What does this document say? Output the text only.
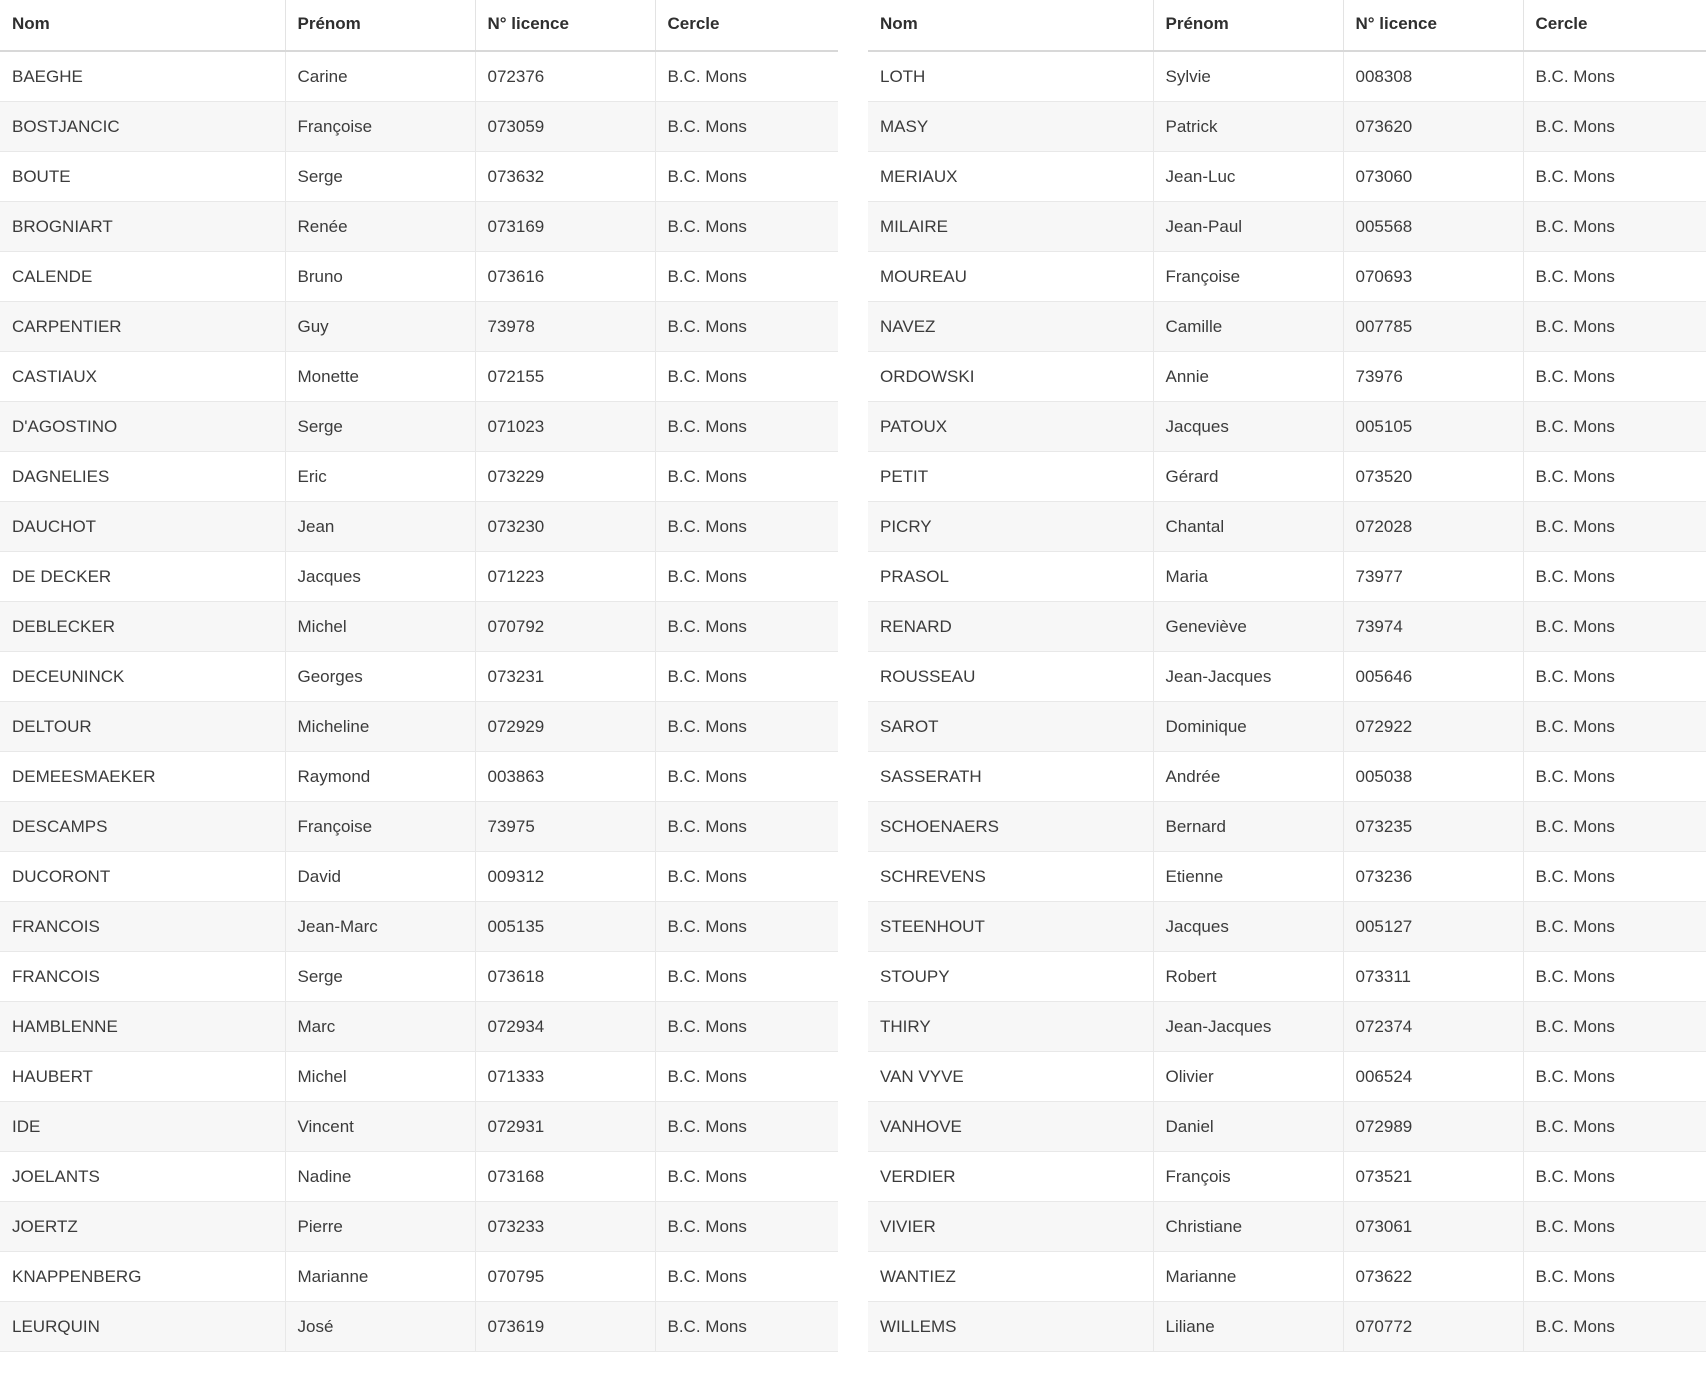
Nom	Prénom	N° licence	Cercle
BAEGHE	Carine	072376	B.C. Mons
BOSTJANCIC	Françoise	073059	B.C. Mons
BOUTE	Serge	073632	B.C. Mons
BROGNIART	Renée	073169	B.C. Mons
CALENDE	Bruno	073616	B.C. Mons
CARPENTIER	Guy	73978	B.C. Mons
CASTIAUX	Monette	072155	B.C. Mons
D'AGOSTINO	Serge	071023	B.C. Mons
DAGNELIES	Eric	073229	B.C. Mons
DAUCHOT	Jean	073230	B.C. Mons
DE DECKER	Jacques	071223	B.C. Mons
DEBLECKER	Michel	070792	B.C. Mons
DECEUNINCK	Georges	073231	B.C. Mons
DELTOUR	Micheline	072929	B.C. Mons
DEMEESMAEKER	Raymond	003863	B.C. Mons
DESCAMPS	Françoise	73975	B.C. Mons
DUCORONT	David	009312	B.C. Mons
FRANCOIS	Jean-Marc	005135	B.C. Mons
FRANCOIS	Serge	073618	B.C. Mons
HAMBLENNE	Marc	072934	B.C. Mons
HAUBERT	Michel	071333	B.C. Mons
IDE	Vincent	072931	B.C. Mons
JOELANTS	Nadine	073168	B.C. Mons
JOERTZ	Pierre	073233	B.C. Mons
KNAPPENBERG	Marianne	070795	B.C. Mons
LEURQUIN	José	073619	B.C. Mons
Nom	Prénom	N° licence	Cercle
LOTH	Sylvie	008308	B.C. Mons
MASY	Patrick	073620	B.C. Mons
MERIAUX	Jean-Luc	073060	B.C. Mons
MILAIRE	Jean-Paul	005568	B.C. Mons
MOUREAU	Françoise	070693	B.C. Mons
NAVEZ	Camille	007785	B.C. Mons
ORDOWSKI	Annie	73976	B.C. Mons
PATOUX	Jacques	005105	B.C. Mons
PETIT	Gérard	073520	B.C. Mons
PICRY	Chantal	072028	B.C. Mons
PRASOL	Maria	73977	B.C. Mons
RENARD	Geneviève	73974	B.C. Mons
ROUSSEAU	Jean-Jacques	005646	B.C. Mons
SAROT	Dominique	072922	B.C. Mons
SASSERATH	Andrée	005038	B.C. Mons
SCHOENAERS	Bernard	073235	B.C. Mons
SCHREVENS	Etienne	073236	B.C. Mons
STEENHOUT	Jacques	005127	B.C. Mons
STOUPY	Robert	073311	B.C. Mons
THIRY	Jean-Jacques	072374	B.C. Mons
VAN VYVE	Olivier	006524	B.C. Mons
VANHOVE	Daniel	072989	B.C. Mons
VERDIER	François	073521	B.C. Mons
VIVIER	Christiane	073061	B.C. Mons
WANTIEZ	Marianne	073622	B.C. Mons
WILLEMS	Liliane	070772	B.C. Mons
